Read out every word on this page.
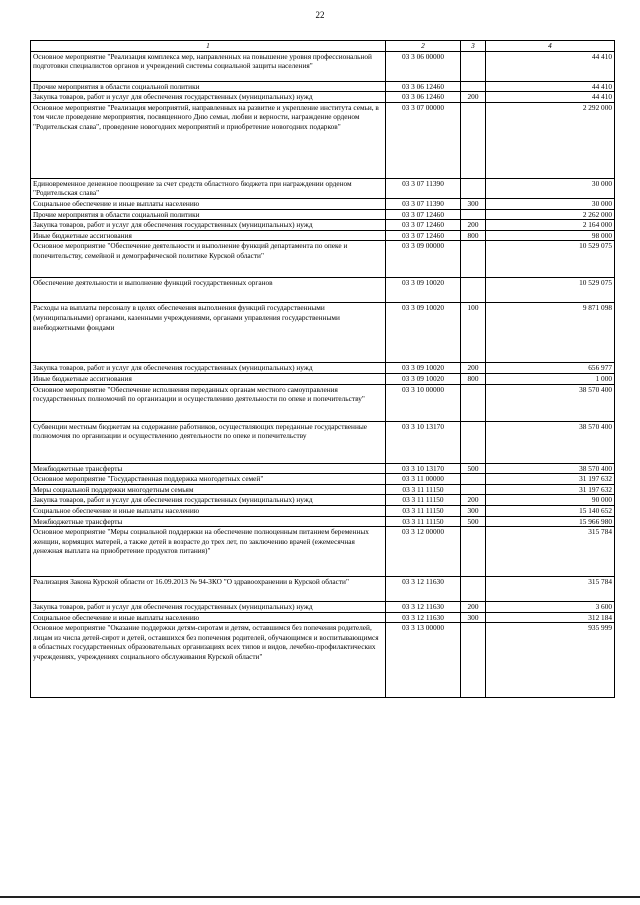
22
1	2	3	4
Основное мероприятие "Реализация комплекса мер, направленных на повышение уровня профессиональной подготовки специалистов органов и учреждений системы социальной защиты населения"	03 3 06 00000		44 410
Прочие мероприятия в области социальной политики	03 3 06 12460		44 410
Закупка товаров, работ и услуг для обеспечения государственных (муниципальных) нужд	03 3 06 12460	200	44 410
Основное мероприятие "Реализация мероприятий, направленных на развитие и укрепление института семьи, в том числе проведение мероприятия, посвященного Дню семьи, любви и верности, награждение орденом "Родительская слава", проведение новогодних мероприятий и приобретение новогодних подарков"	03 3 07 00000		2 292 000
Единовременное денежное поощрение за счет средств областного бюджета при награждении орденом "Родительская слава"	03 3 07 11390		30 000
Социальное обеспечение и иные выплаты населению	03 3 07 11390	300	30 000
Прочие мероприятия в области социальной политики	03 3 07 12460		2 262 000
Закупка товаров, работ и услуг для обеспечения государственных (муниципальных) нужд	03 3 07 12460	200	2 164 000
Иные бюджетные ассигнования	03 3 07 12460	800	98 000
Основное мероприятие "Обеспечение деятельности и выполнение функций департамента по опеке и попечительству, семейной и демографической политике Курской области"	03 3 09 00000		10 529 075
Обеспечение деятельности и выполнение функций государственных органов	03 3 09 10020		10 529 075
Расходы на выплаты персоналу в целях обеспечения выполнения функций государственными (муниципальными) органами, казенными учреждениями, органами управления государственными внебюджетными фондами	03 3 09 10020	100	9 871 098
Закупка товаров, работ и услуг для обеспечения государственных (муниципальных) нужд	03 3 09 10020	200	656 977
Иные бюджетные ассигнования	03 3 09 10020	800	1 000
Основное мероприятие "Обеспечение исполнения переданных органам местного самоуправления государственных полномочий по организации и осуществлению деятельности по опеке и попечительству"	03 3 10 00000		38 570 400
Субвенции местным бюджетам на содержание работников, осуществляющих переданные государственные полномочия по организации и осуществлению деятельности по опеке и попечительству	03 3 10 13170		38 570 400
Межбюджетные трансферты	03 3 10 13170	500	38 570 400
Основное мероприятие "Государственная поддержка многодетных семей"	03 3 11 00000		31 197 632
Меры социальной поддержки многодетным семьям	03 3 11 11150		31 197 632
Закупка товаров, работ и услуг для обеспечения государственных (муниципальных) нужд	03 3 11 11150	200	90 000
Социальное обеспечение и иные выплаты населению	03 3 11 11150	300	15 140 652
Межбюджетные трансферты	03 3 11 11150	500	15 966 980
Основное мероприятие "Меры социальной поддержки на обеспечение полноценным питанием беременных женщин, кормящих матерей, а также детей в возрасте до трех лет, по заключению врачей (ежемесячная денежная выплата на приобретение продуктов питания)"	03 3 12 00000		315 784
Реализация Закона Курской области от 16.09.2013 № 94-ЗКО "О здравоохранении в Курской области"	03 3 12 11630		315 784
Закупка товаров, работ и услуг для обеспечения государственных (муниципальных) нужд	03 3 12 11630	200	3 600
Социальное обеспечение и иные выплаты населению	03 3 12 11630	300	312 184
Основное мероприятие "Оказание поддержки детям-сиротам и детям, оставшимся без попечения родителей, лицам из числа детей-сирот и детей, оставшихся без попечения родителей, обучающимся и воспитывающимся в областных государственных образовательных организациях всех типов и видов, лечебно-профилактических учреждениях, учреждениях социального обслуживания Курской области"	03 3 13 00000		935 999
